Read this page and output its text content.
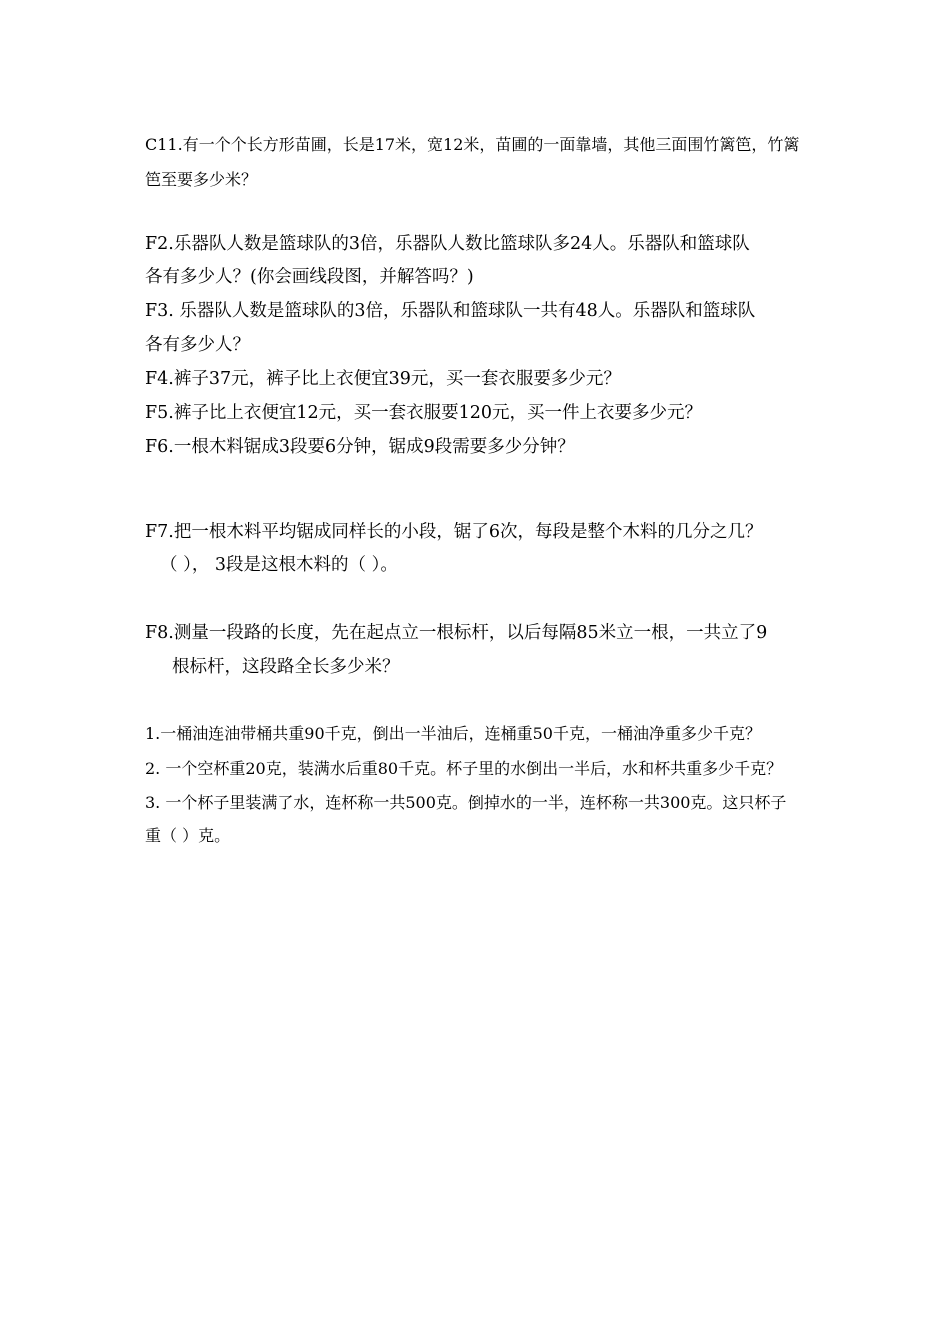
C11.有一个个长方形苗圃，长是17米，宽12米，苗圃的一面靠墙，其他三面围竹篱笆，竹篱
笆至要多少米？
F2.乐器队人数是篮球队的3倍，乐器队人数比篮球队多24人。乐器队和篮球队
各有多少人？(你会画线段图，并解答吗？)
F3. 乐器队人数是篮球队的3倍，乐器队和篮球队一共有48人。乐器队和篮球队
各有多少人？
F4.裤子37元，裤子比上衣便宜39元，买一套衣服要多少元？
F5.裤子比上衣便宜12元，买一套衣服要120元，买一件上衣要多少元？
F6.一根木料锯成3段要6分钟，锯成9段需要多少分钟？
F7.把一根木料平均锯成同样长的小段，锯了6次，每段是整个木料的几分之几？
（ ）， 3段是这根木料的（ ）。
F8.测量一段路的长度，先在起点立一根标杆，以后每隔85米立一根，一共立了9
根标杆，这段路全长多少米？
1.一桶油连油带桶共重90千克，倒出一半油后，连桶重50千克，一桶油净重多少千克？
2. 一个空杯重20克，装满水后重80千克。杯子里的水倒出一半后，水和杯共重多少千克？
3. 一个杯子里装满了水，连杯称一共500克。倒掉水的一半，连杯称一共300克。这只杯子
重（ ）克。
